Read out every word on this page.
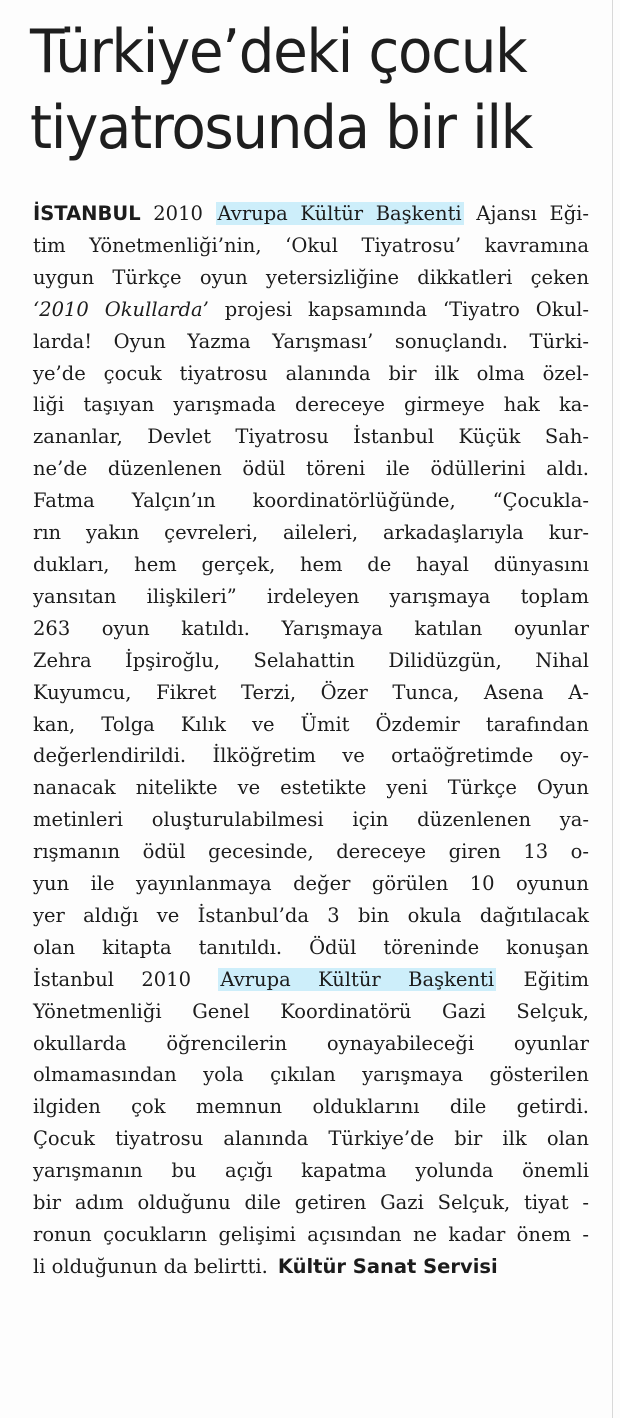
Türkiye’deki çocuk
tiyatrosunda bir ilk
İSTANBUL 2010 Avrupa Kültür Başkenti Ajansı Eği-
tim Yönetmenliği’nin, ‘Okul Tiyatrosu’ kavramına
uygun Türkçe oyun yetersizliğine dikkatleri çeken
‘2010 Okullarda’ projesi kapsamında ‘Tiyatro Okul-
larda! Oyun Yazma Yarışması’ sonuçlandı. Türki-
ye’de çocuk tiyatrosu alanında bir ilk olma özel-
liği taşıyan yarışmada dereceye girmeye hak ka-
zananlar, Devlet Tiyatrosu İstanbul Küçük Sah-
ne’de düzenlenen ödül töreni ile ödüllerini aldı.
Fatma Yalçın’ın koordinatörlüğünde, “Çocukla-
rın yakın çevreleri, aileleri, arkadaşlarıyla kur-
dukları, hem gerçek, hem de hayal dünyasını
yansıtan ilişkileri” irdeleyen yarışmaya toplam
263 oyun katıldı. Yarışmaya katılan oyunlar
Zehra İpşiroğlu, Selahattin Dilidüzgün, Nihal
Kuyumcu, Fikret Terzi, Özer Tunca, Asena A-
kan, Tolga Kılık ve Ümit Özdemir tarafından
değerlendirildi. İlköğretim ve ortaöğretimde oy-
nanacak nitelikte ve estetikte yeni Türkçe Oyun
metinleri oluşturulabilmesi için düzenlenen ya-
rışmanın ödül gecesinde, dereceye giren 13 o-
yun ile yayınlanmaya değer görülen 10 oyunun
yer aldığı ve İstanbul’da 3 bin okula dağıtılacak
olan kitapta tanıtıldı. Ödül töreninde konuşan
İstanbul 2010 Avrupa Kültür Başkenti Eğitim
Yönetmenliği Genel Koordinatörü Gazi Selçuk,
okullarda öğrencilerin oynayabileceği oyunlar
olmamasından yola çıkılan yarışmaya gösterilen
ilgiden çok memnun olduklarını dile getirdi.
Çocuk tiyatrosu alanında Türkiye’de bir ilk olan
yarışmanın bu açığı kapatma yolunda önemli
bir adım olduğunu dile getiren Gazi Selçuk, tiyat -
ronun çocukların gelişimi açısından ne kadar önem -
li olduğunun da belirtti. Kültür Sanat Servisi
